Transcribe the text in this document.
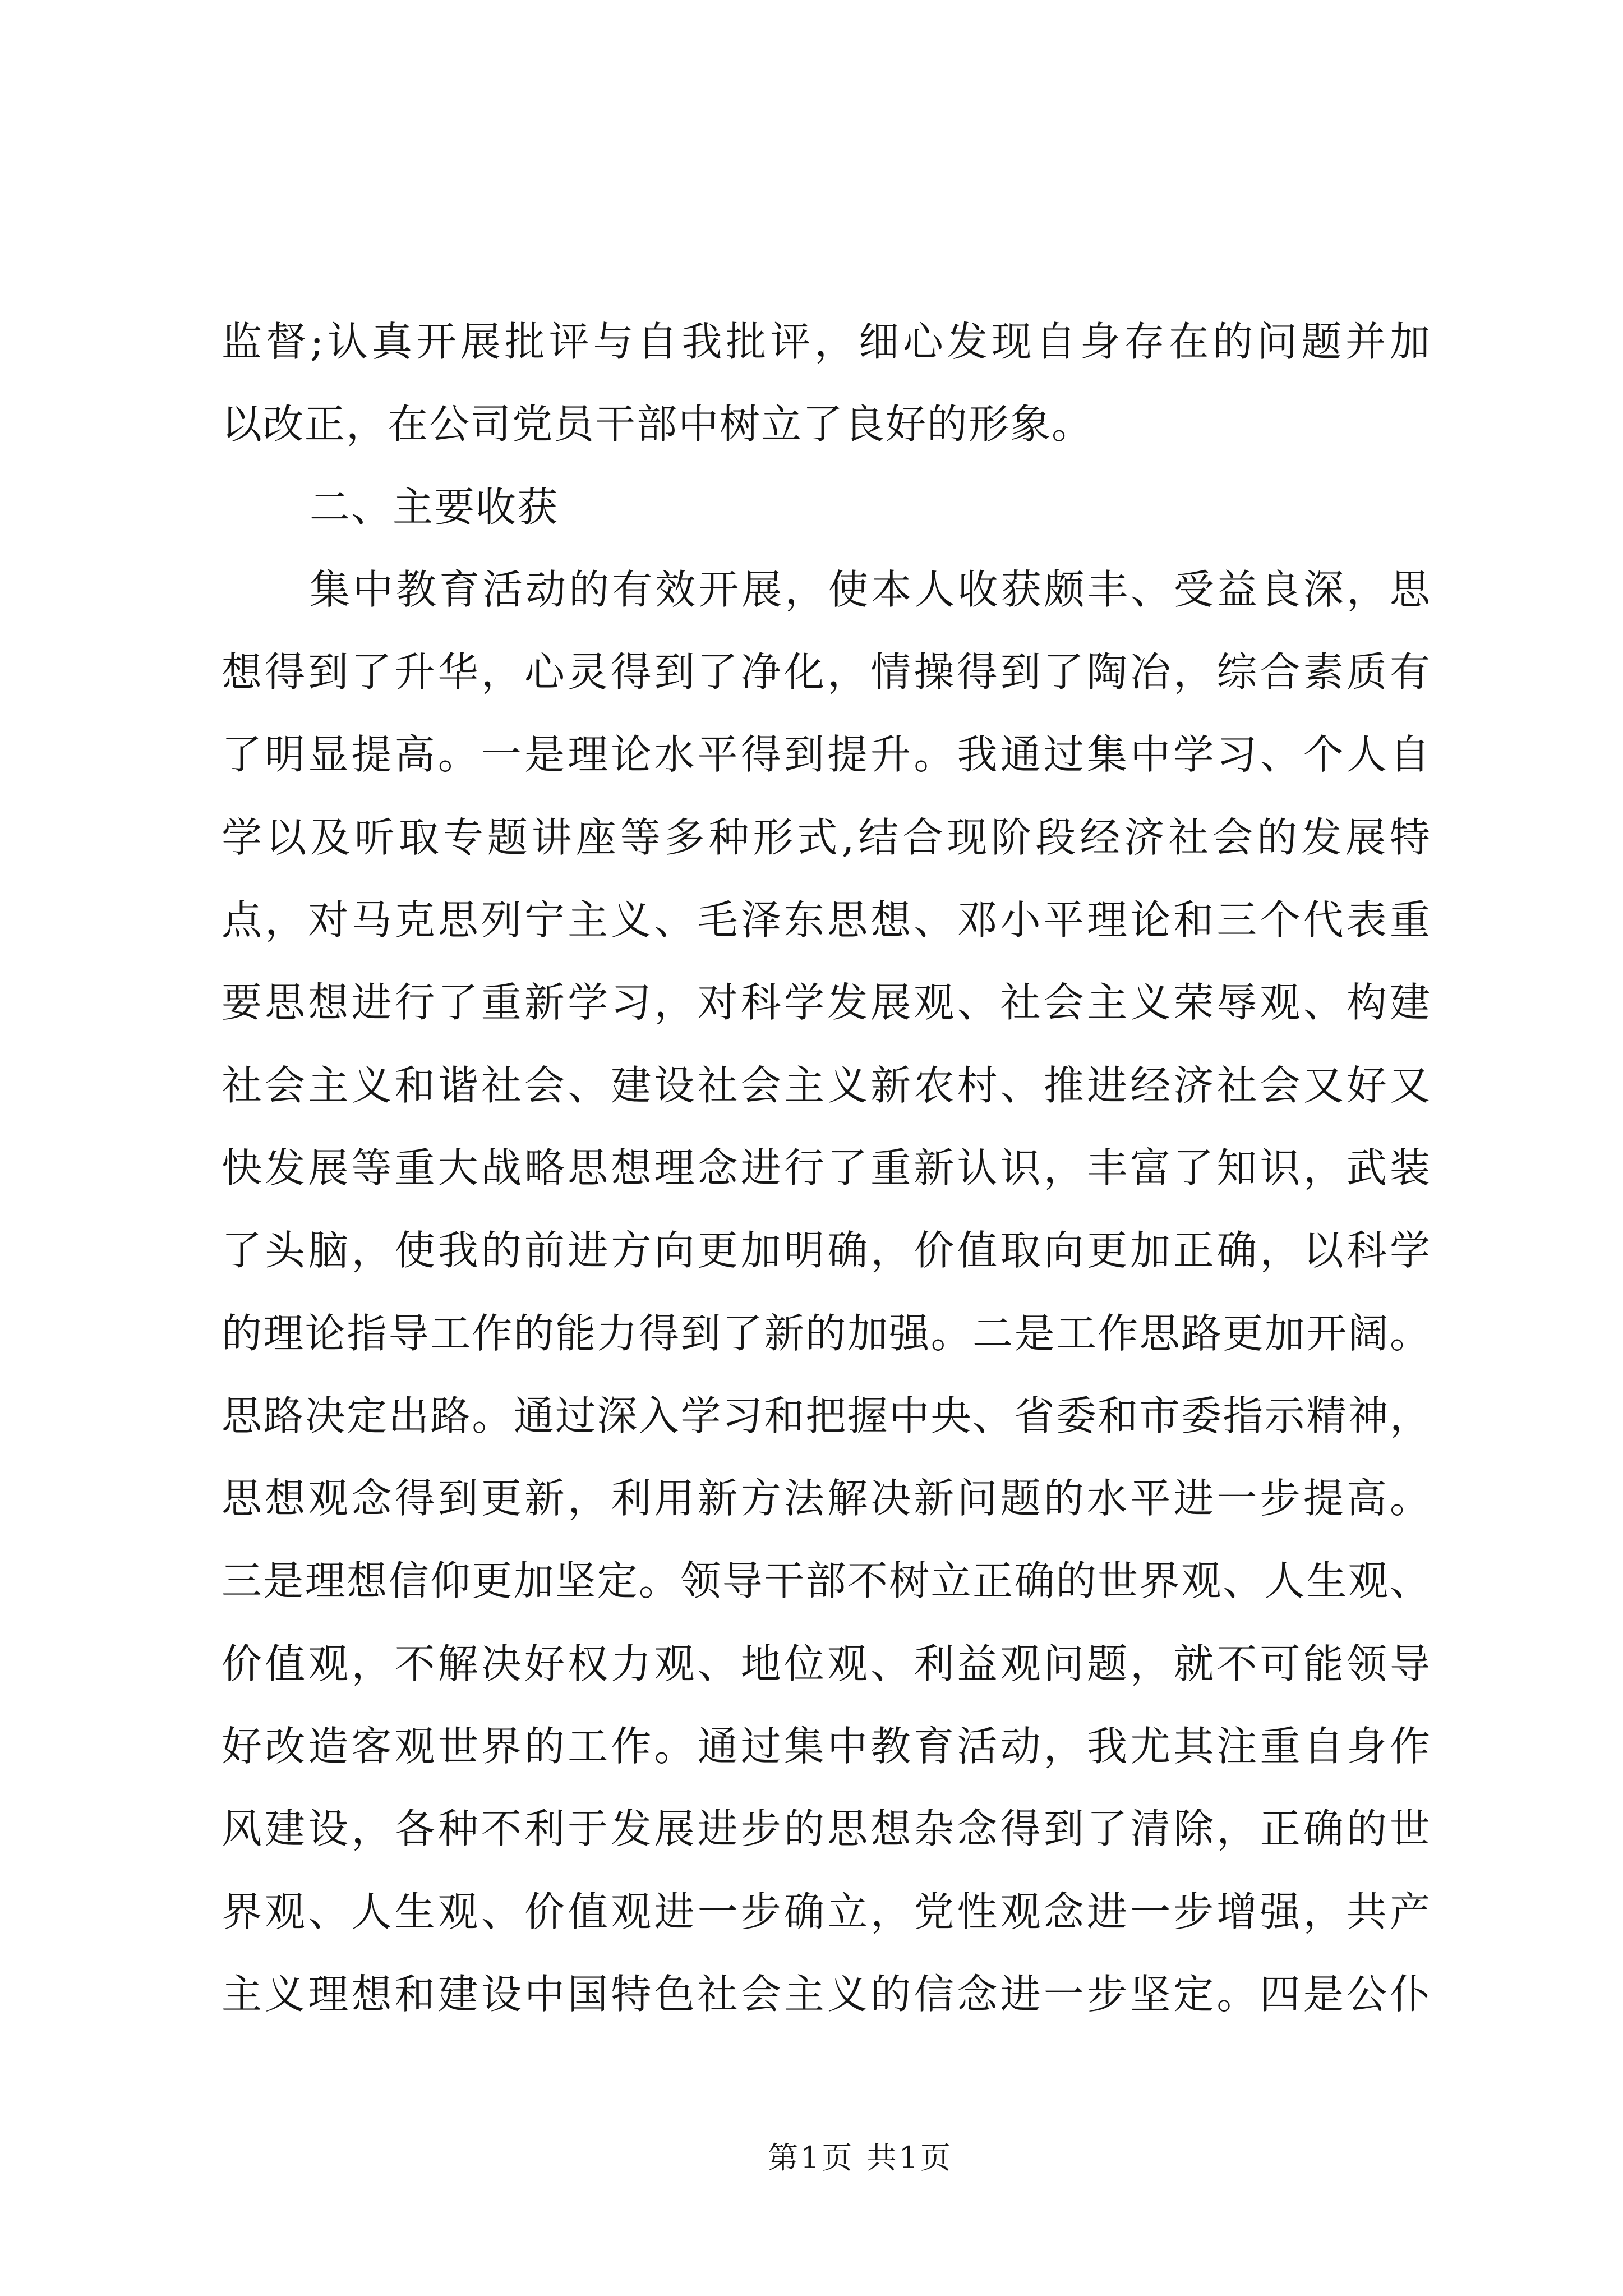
监督;认真开展批评与自我批评，细心发现自身存在的问题并加
以改正，在公司党员干部中树立了良好的形象。
二、主要收获
集中教育活动的有效开展，使本人收获颇丰、受益良深，思
想得到了升华，心灵得到了净化，情操得到了陶冶，综合素质有
了明显提高。一是理论水平得到提升。我通过集中学习、个人自
学以及听取专题讲座等多种形式,结合现阶段经济社会的发展特
点，对马克思列宁主义、毛泽东思想、邓小平理论和三个代表重
要思想进行了重新学习，对科学发展观、社会主义荣辱观、构建
社会主义和谐社会、建设社会主义新农村、推进经济社会又好又
快发展等重大战略思想理念进行了重新认识，丰富了知识，武装
了头脑，使我的前进方向更加明确，价值取向更加正确，以科学
的理论指导工作的能力得到了新的加强。二是工作思路更加开阔。
思路决定出路。通过深入学习和把握中央、省委和市委指示精神，
思想观念得到更新，利用新方法解决新问题的水平进一步提高。
三是理想信仰更加坚定。领导干部不树立正确的世界观、人生观、
价值观，不解决好权力观、地位观、利益观问题，就不可能领导
好改造客观世界的工作。通过集中教育活动，我尤其注重自身作
风建设，各种不利于发展进步的思想杂念得到了清除，正确的世
界观、人生观、价值观进一步确立，党性观念进一步增强，共产
主义理想和建设中国特色社会主义的信念进一步坚定。四是公仆
第1页 共1页
